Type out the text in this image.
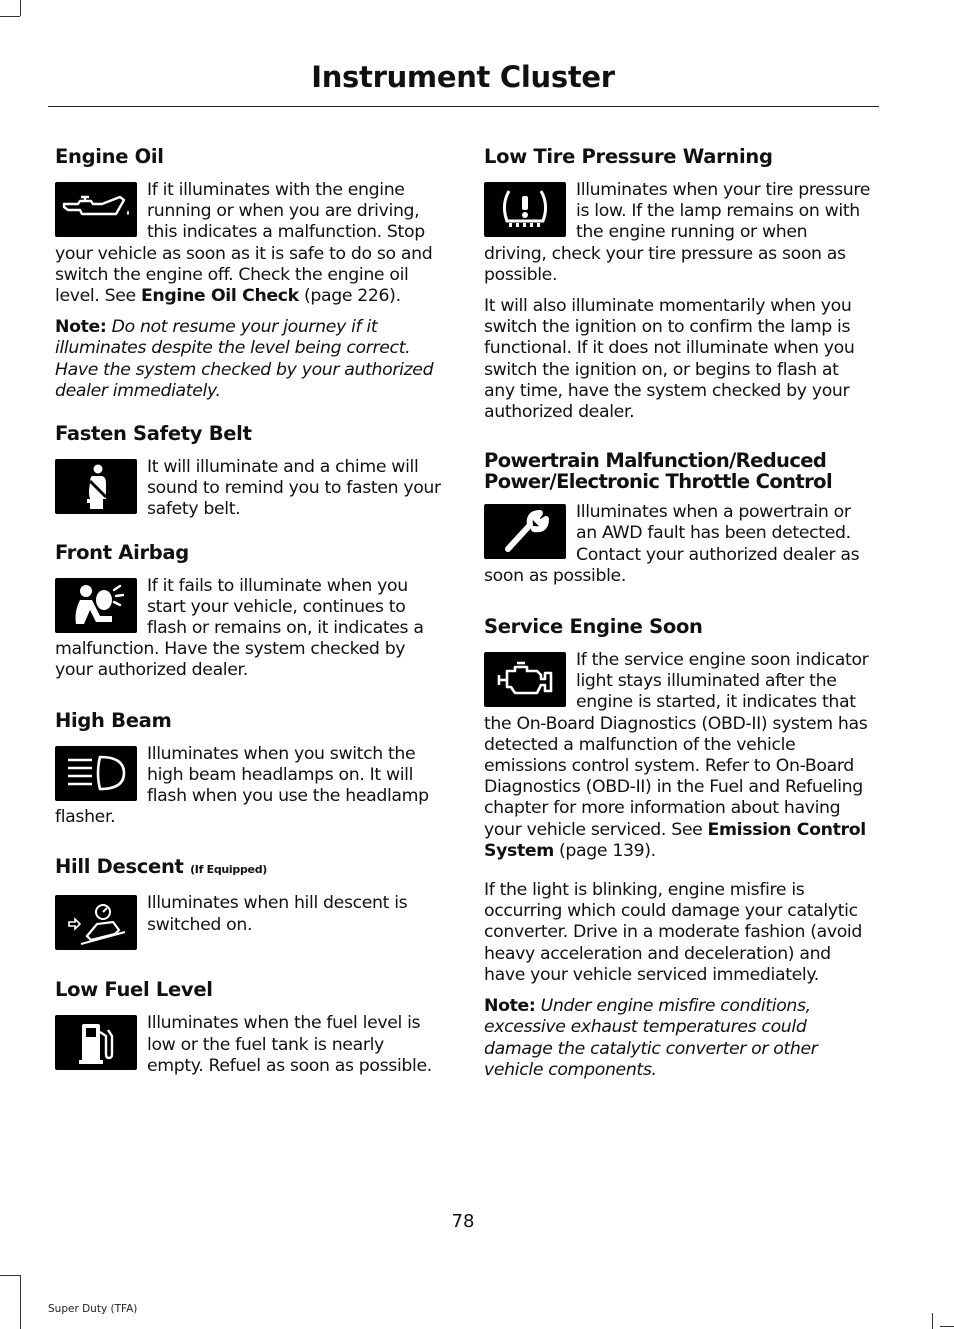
Instrument Cluster
Engine Oil

If it illuminates with the engine running or when you are driving, this indicates a malfunction. Stop your vehicle as soon as it is safe to do so and switch the engine off. Check the engine oil level. See Engine Oil Check (page 226).

Note: Do not resume your journey if it illuminates despite the level being correct. Have the system checked by your authorized dealer immediately.

Fasten Safety Belt

It will illuminate and a chime will sound to remind you to fasten your safety belt.

Front Airbag

If it fails to illuminate when you start your vehicle, continues to flash or remains on, it indicates a malfunction. Have the system checked by your authorized dealer.

High Beam

Illuminates when you switch the high beam headlamps on. It will flash when you use the headlamp flasher.

Hill Descent (If Equipped)

Illuminates when hill descent is switched on.

Low Fuel Level

Illuminates when the fuel level is low or the fuel tank is nearly empty. Refuel as soon as possible.

Low Tire Pressure Warning

Illuminates when your tire pressure is low. If the lamp remains on with the engine running or when driving, check your tire pressure as soon as possible.

It will also illuminate momentarily when you switch the ignition on to confirm the lamp is functional. If it does not illuminate when you switch the ignition on, or begins to flash at any time, have the system checked by your authorized dealer.

Powertrain Malfunction/Reduced Power/Electronic Throttle Control

Illuminates when a powertrain or an AWD fault has been detected. Contact your authorized dealer as soon as possible.

Service Engine Soon

If the service engine soon indicator light stays illuminated after the engine is started, it indicates that the On-Board Diagnostics (OBD-II) system has detected a malfunction of the vehicle emissions control system. Refer to On-Board Diagnostics (OBD-II) in the Fuel and Refueling chapter for more information about having your vehicle serviced. See Emission Control System (page 139).

If the light is blinking, engine misfire is occurring which could damage your catalytic converter. Drive in a moderate fashion (avoid heavy acceleration and deceleration) and have your vehicle serviced immediately.

Note: Under engine misfire conditions, excessive exhaust temperatures could damage the catalytic converter or other vehicle components.

78
Super Duty (TFA)
